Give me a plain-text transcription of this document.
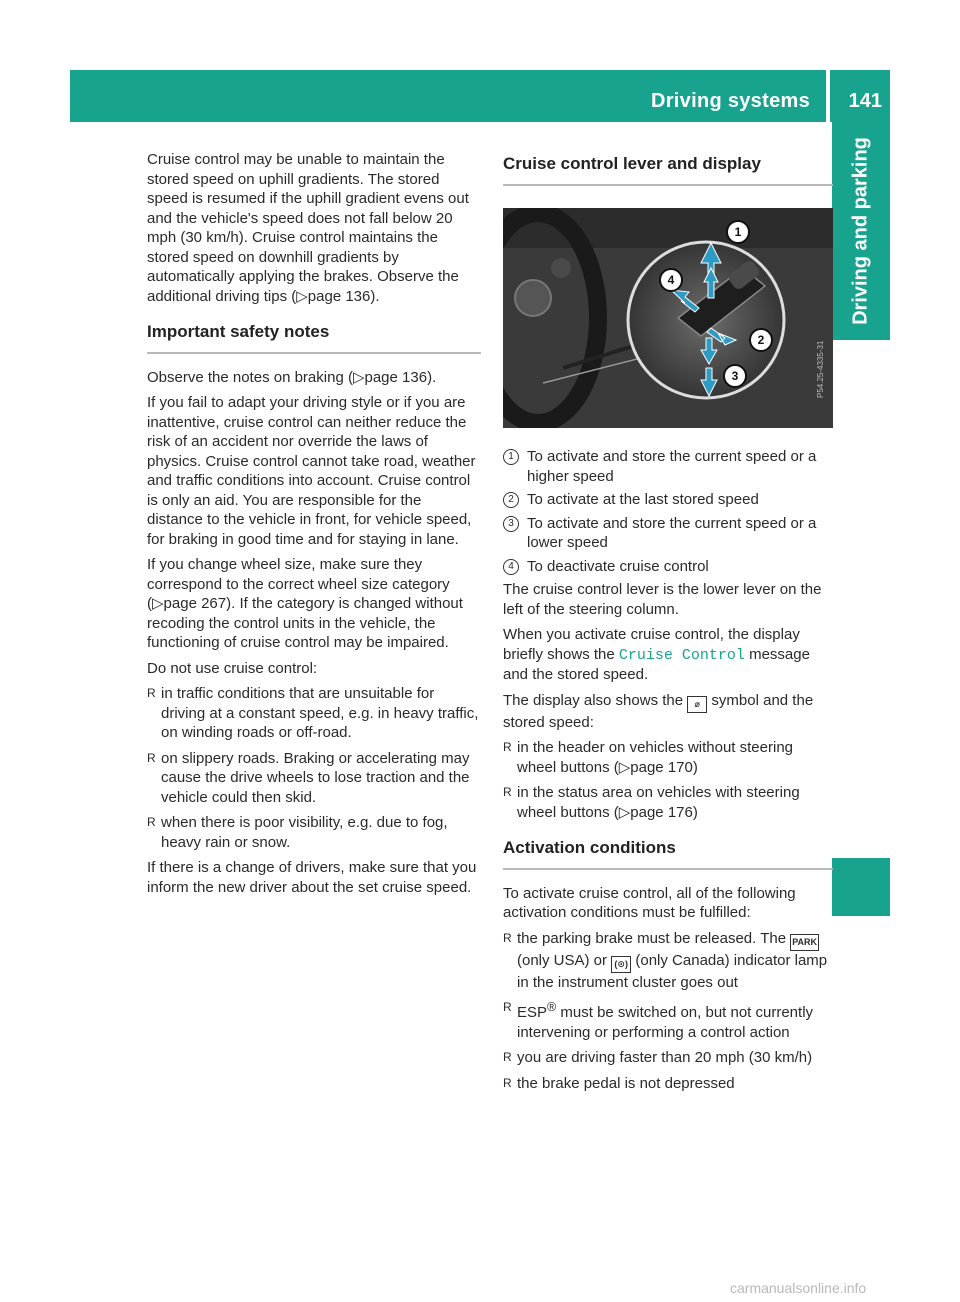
Driving systems 141
Driving and parking

Cruise control may be unable to maintain the stored speed on uphill gradients. The stored speed is resumed if the uphill gradient evens out and the vehicle's speed does not fall below 20 mph (30 km/h). Cruise control maintains the stored speed on downhill gradients by automatically applying the brakes. Observe the additional driving tips (▷page 136).

Important safety notes

Observe the notes on braking (▷page 136).

If you fail to adapt your driving style or if you are inattentive, cruise control can neither reduce the risk of an accident nor override the laws of physics. Cruise control cannot take road, weather and traffic conditions into account. Cruise control is only an aid. You are responsible for the distance to the vehicle in front, for vehicle speed, for braking in good time and for staying in lane.

If you change wheel size, make sure they correspond to the correct wheel size category (▷page 267). If the category is changed without recoding the control units in the vehicle, the functioning of cruise control may be impaired.

Do not use cruise control:

R in traffic conditions that are unsuitable for driving at a constant speed, e.g. in heavy traffic, on winding roads or off-road.
R on slippery roads. Braking or accelerating may cause the drive wheels to lose traction and the vehicle could then skid.
R when there is poor visibility, e.g. due to fog, heavy rain or snow.

If there is a change of drivers, make sure that you inform the new driver about the set cruise speed.

Cruise control lever and display
1
4
2
3	P54.25-4335-31
1 To activate and store the current speed or a higher speed
2 To activate at the last stored speed
3 To activate and store the current speed or a lower speed
4 To deactivate cruise control

The cruise control lever is the lower lever on the left of the steering column.

When you activate cruise control, the display briefly shows the Cruise Control message and the stored speed.

The display also shows the ⌀ symbol and the stored speed:

R in the header on vehicles without steering wheel buttons (▷page 170)
R in the status area on vehicles with steering wheel buttons (▷page 176)
Activation conditions

To activate cruise control, all of the following activation conditions must be fulfilled:

R the parking brake must be released. The PARK (only USA) or (⊙) (only Canada) indicator lamp in the instrument cluster goes out
R ESP® must be switched on, but not currently intervening or performing a control action
R you are driving faster than 20 mph (30 km/h)
R the brake pedal is not depressed
carmanualsonline.info
